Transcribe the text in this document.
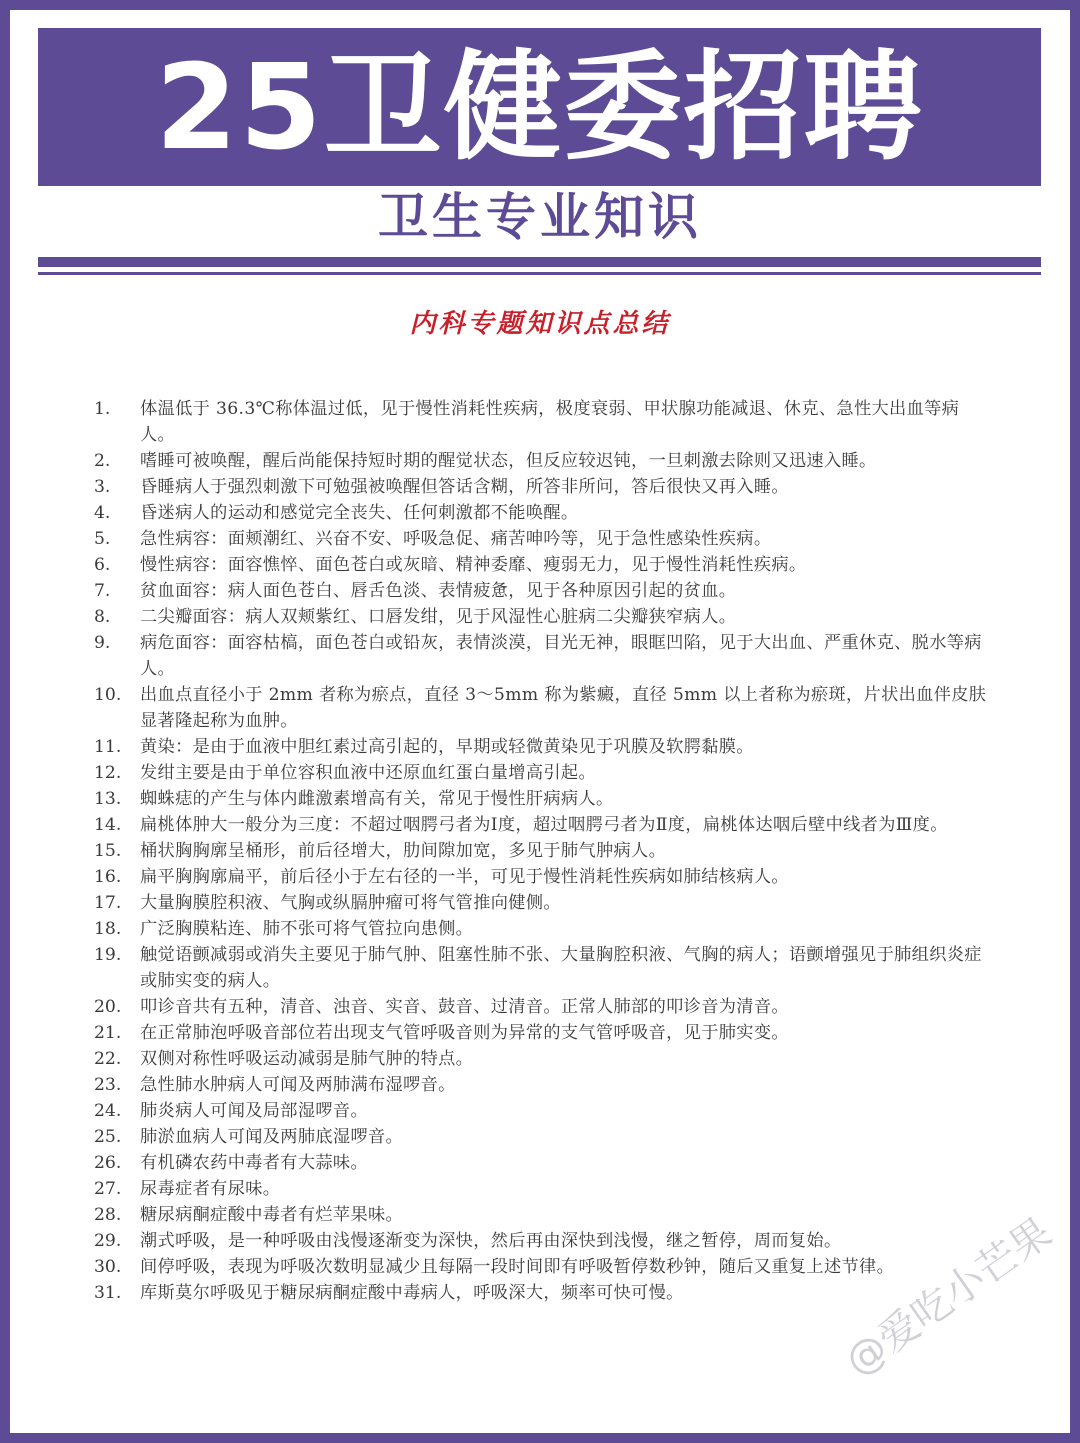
25卫健委招聘
卫生专业知识
内科专题知识点总结
1.	体温低于 36.3℃称体温过低，见于慢性消耗性疾病，极度衰弱、甲状腺功能减退、休克、急性大出血等病人。
2.	嗜睡可被唤醒，醒后尚能保持短时期的醒觉状态，但反应较迟钝，一旦刺激去除则又迅速入睡。
3.	昏睡病人于强烈刺激下可勉强被唤醒但答话含糊，所答非所问，答后很快又再入睡。
4.	昏迷病人的运动和感觉完全丧失、任何刺激都不能唤醒。
5.	急性病容：面颊潮红、兴奋不安、呼吸急促、痛苦呻吟等，见于急性感染性疾病。
6.	慢性病容：面容憔悴、面色苍白或灰暗、精神委靡、瘦弱无力，见于慢性消耗性疾病。
7.	贫血面容：病人面色苍白、唇舌色淡、表情疲惫，见于各种原因引起的贫血。
8.	二尖瓣面容：病人双颊紫红、口唇发绀，见于风湿性心脏病二尖瓣狭窄病人。
9.	病危面容：面容枯槁，面色苍白或铅灰，表情淡漠，目光无神，眼眶凹陷，见于大出血、严重休克、脱水等病人。
10.	出血点直径小于 2mm 者称为瘀点，直径 3～5mm 称为紫癜，直径 5mm 以上者称为瘀斑，片状出血伴皮肤显著隆起称为血肿。
11.	黄染：是由于血液中胆红素过高引起的，早期或轻微黄染见于巩膜及软腭黏膜。
12.	发绀主要是由于单位容积血液中还原血红蛋白量增高引起。
13.	蜘蛛痣的产生与体内雌激素增高有关，常见于慢性肝病病人。
14.	扁桃体肿大一般分为三度：不超过咽腭弓者为Ⅰ度，超过咽腭弓者为Ⅱ度，扁桃体达咽后壁中线者为Ⅲ度。
15.	桶状胸胸廓呈桶形，前后径增大，肋间隙加宽，多见于肺气肿病人。
16.	扁平胸胸廓扁平，前后径小于左右径的一半，可见于慢性消耗性疾病如肺结核病人。
17.	大量胸膜腔积液、气胸或纵膈肿瘤可将气管推向健侧。
18.	广泛胸膜粘连、肺不张可将气管拉向患侧。
19.	触觉语颤减弱或消失主要见于肺气肿、阻塞性肺不张、大量胸腔积液、气胸的病人；语颤增强见于肺组织炎症或肺实变的病人。
20.	叩诊音共有五种，清音、浊音、实音、鼓音、过清音。正常人肺部的叩诊音为清音。
21.	在正常肺泡呼吸音部位若出现支气管呼吸音则为异常的支气管呼吸音，见于肺实变。
22.	双侧对称性呼吸运动减弱是肺气肿的特点。
23.	急性肺水肿病人可闻及两肺满布湿啰音。
24.	肺炎病人可闻及局部湿啰音。
25.	肺淤血病人可闻及两肺底湿啰音。
26.	有机磷农药中毒者有大蒜味。
27.	尿毒症者有尿味。
28.	糖尿病酮症酸中毒者有烂苹果味。
29.	潮式呼吸，是一种呼吸由浅慢逐渐变为深快，然后再由深快到浅慢，继之暂停，周而复始。
30.	间停呼吸，表现为呼吸次数明显减少且每隔一段时间即有呼吸暂停数秒钟，随后又重复上述节律。
31.	库斯莫尔呼吸见于糖尿病酮症酸中毒病人，呼吸深大，频率可快可慢。	@爱吃小芒果
